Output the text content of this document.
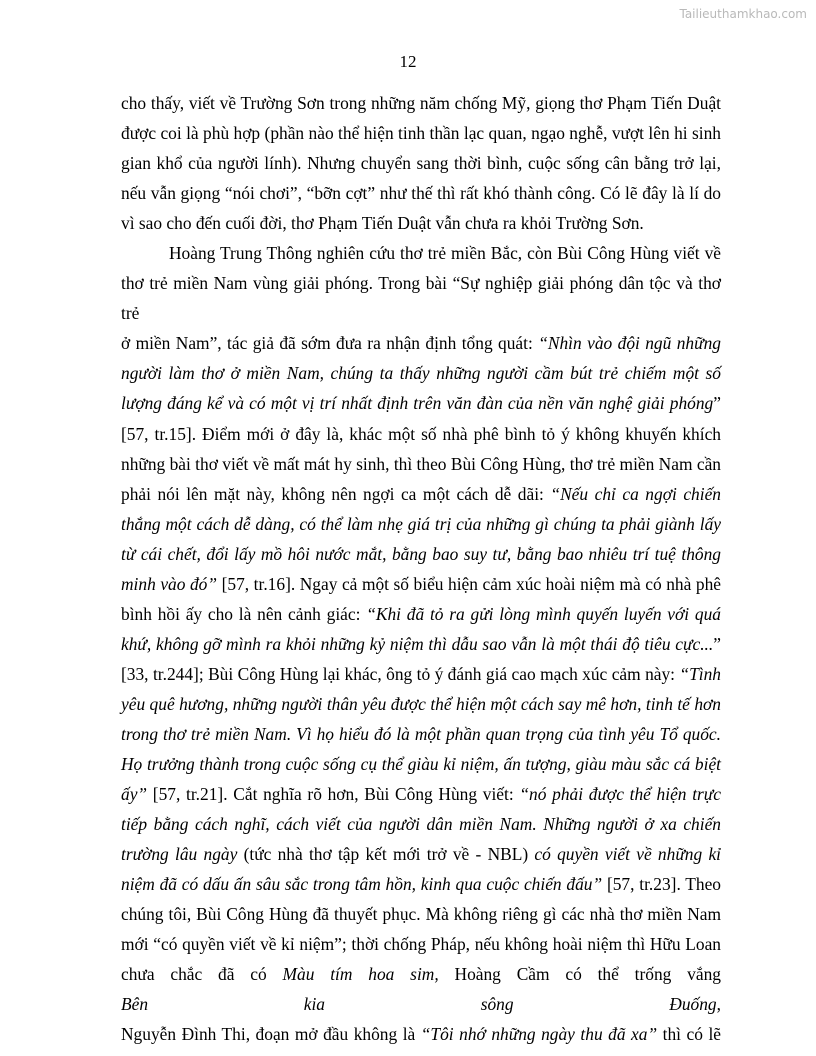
Tailieuthamkhao.com
12
cho thấy, viết về Trường Sơn trong những năm chống Mỹ, giọng thơ Phạm Tiến Duật
được coi là phù hợp (phần nào thể hiện tinh thần lạc quan, ngạo nghễ, vượt lên hi sinh
gian khổ của người lính). Nhưng chuyển sang thời bình, cuộc sống cân bằng trở lại,
nếu vẫn giọng “nói chơi”, “bỡn cợt” như thế thì rất khó thành công. Có lẽ đây là lí do
vì sao cho đến cuối đời, thơ Phạm Tiến Duật vẫn chưa ra khỏi Trường Sơn.
Hoàng Trung Thông nghiên cứu thơ trẻ miền Bắc, còn Bùi Công Hùng viết về
thơ trẻ miền Nam vùng giải phóng. Trong bài “Sự nghiệp giải phóng dân tộc và thơ trẻ
ở miền Nam”, tác giả đã sớm đưa ra nhận định tổng quát: “Nhìn vào đội ngũ những
người làm thơ ở miền Nam, chúng ta thấy những người cầm bút trẻ chiếm một số
lượng đáng kể và có một vị trí nhất định trên văn đàn của nền văn nghệ giải phóng”
[57, tr.15]. Điểm mới ở đây là, khác một số nhà phê bình tỏ ý không khuyến khích
những bài thơ viết về mất mát hy sinh, thì theo Bùi Công Hùng, thơ trẻ miền Nam cần
phải nói lên mặt này, không nên ngợi ca một cách dễ dãi: “Nếu chỉ ca ngợi chiến
thắng một cách dễ dàng, có thể làm nhẹ giá trị của những gì chúng ta phải giành lấy
từ cái chết, đổi lấy mồ hôi nước mắt, bằng bao suy tư, bằng bao nhiêu trí tuệ thông
minh vào đó” [57, tr.16]. Ngay cả một số biểu hiện cảm xúc hoài niệm mà có nhà phê
bình hồi ấy cho là nên cảnh giác: “Khi đã tỏ ra gửi lòng mình quyến luyến với quá
khứ, không gỡ mình ra khỏi những kỷ niệm thì dẫu sao vẫn là một thái độ tiêu cực...”
[33, tr.244]; Bùi Công Hùng lại khác, ông tỏ ý đánh giá cao mạch xúc cảm này: “Tình
yêu quê hương, những người thân yêu được thể hiện một cách say mê hơn, tinh tế hơn
trong thơ trẻ miền Nam. Vì họ hiểu đó là một phần quan trọng của tình yêu Tổ quốc.
Họ trưởng thành trong cuộc sống cụ thể giàu kỉ niệm, ấn tượng, giàu màu sắc cá biệt
ấy” [57, tr.21]. Cắt nghĩa rõ hơn, Bùi Công Hùng viết: “nó phải được thể hiện trực
tiếp bằng cách nghĩ, cách viết của người dân miền Nam. Những người ở xa chiến
trường lâu ngày (tức nhà thơ tập kết mới trở về - NBL) có quyền viết về những kỉ
niệm đã có dấu ấn sâu sắc trong tâm hồn, kinh qua cuộc chiến đấu” [57, tr.23]. Theo
chúng tôi, Bùi Công Hùng đã thuyết phục. Mà không riêng gì các nhà thơ miền Nam
mới “có quyền viết về kỉ niệm”; thời chống Pháp, nếu không hoài niệm thì Hữu Loan
chưa chắc đã có Màu tím hoa sim, Hoàng Cầm có thể trống vắng Bên kia sông Đuống,
Nguyễn Đình Thi, đoạn mở đầu không là “Tôi nhớ những ngày thu đã xa” thì có lẽ
